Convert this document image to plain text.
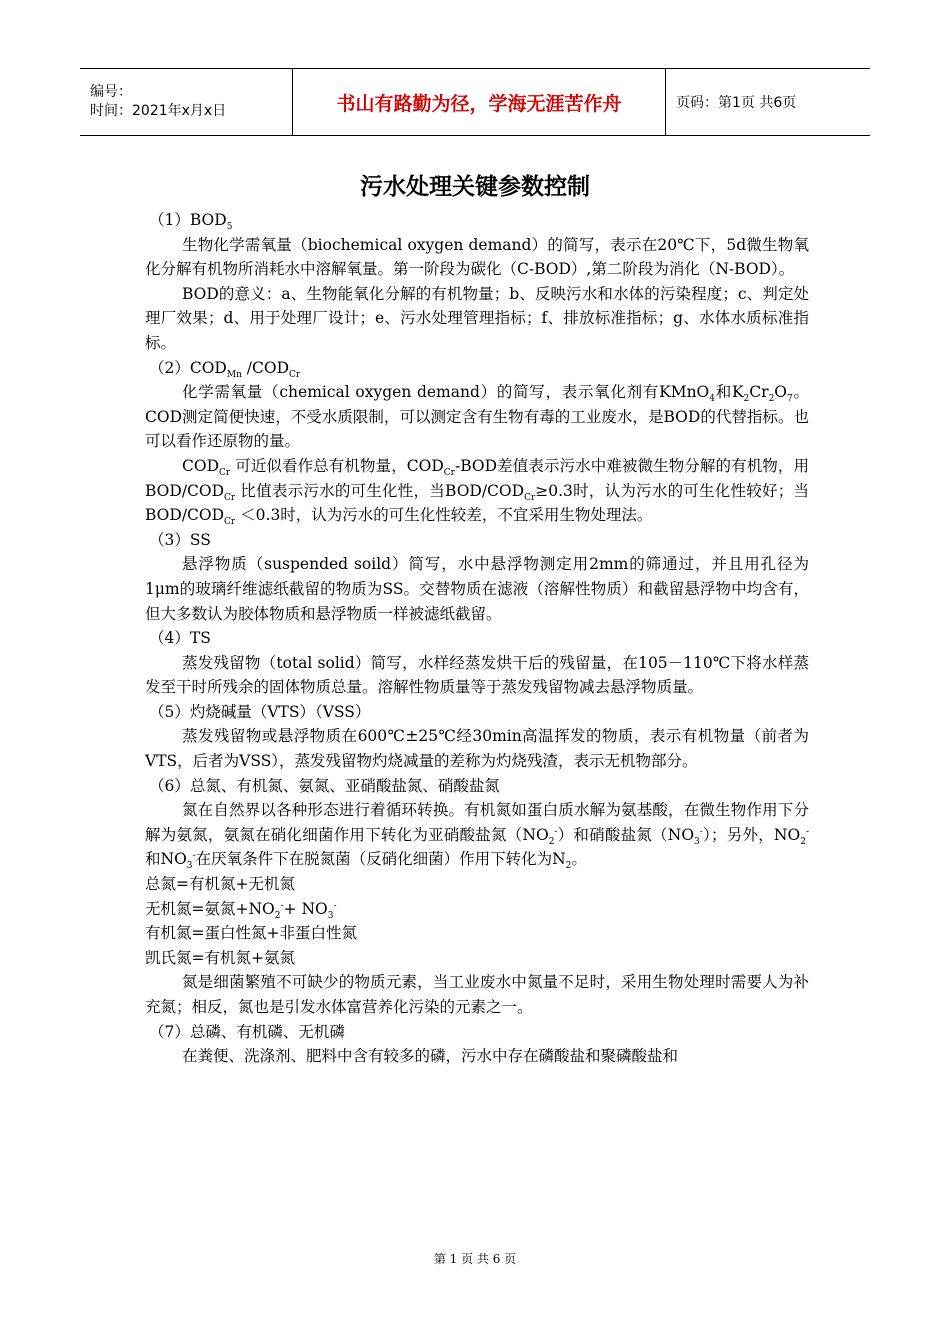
编号：
时间：2021年x月x日	书山有路勤为径，学海无涯苦作舟	页码：第1页 共6页
污水处理关键参数控制

$(1)BOD_5$

生物化学需氧量（biochemical oxygen demand）的简写，表示在20℃下，5d微生物氧化分解有机物所消耗水中溶解氧量。第一阶段为碳化（C-BOD）,第二阶段为消化（N-BOD）。

BOD的意义：a、生物能氧化分解的有机物量；b、反映污水和水体的污染程度；c、判定处理厂效果；d、用于处理厂设计；e、污水处理管理指标；f、排放标准指标；g、水体水质标准指标。

$(2)COD_{Mn}$ $/COD_{Cr}$

化学需氧量（chemical oxygen demand）的简写，表示氧化剂有KMnO$_4$和$K_2Cr_2O_7$。COD测定简便快速，不受水质限制，可以测定含有生物有毒的工业废水，是BOD的代替指标。也可以看作还原物的量。

$COD_{Cr}$ 可近似看作总有机物量，$COD_{Cr}$-BOD差值表示污水中难被微生物分解的有机物，用BOD/$COD_{Cr}$ 比值表示污水的可生化性，当BOD/$COD_{Cr}\ge 0.3$时，认为污水的可生化性较好；当BOD/$COD_{Cr} <0.3$时，认为污水的可生化性较差，不宜采用生物处理法。

（3）SS

悬浮物质（suspended soild）简写，水中悬浮物测定用2mm的筛通过，并且用孔径为1μm的玻璃纤维滤纸截留的物质为SS。交替物质在滤液（溶解性物质）和截留悬浮物中均含有，但大多数认为胶体物质和悬浮物质一样被滤纸截留。

（4）TS

蒸发残留物（total solid）简写，水样经蒸发烘干后的残留量，在105－110℃下将水样蒸发至干时所残余的固体物质总量。溶解性物质量等于蒸发残留物减去悬浮物质量。

（5）灼烧碱量（VTS）（VSS）

蒸发残留物或悬浮物质在600℃±25℃经30min高温挥发的物质，表示有机物量（前者为VTS，后者为VSS），蒸发残留物灼烧减量的差称为灼烧残渣，表示无机物部分。

（6）总氮、有机氮、氨氮、亚硝酸盐氮、硝酸盐氮

氮在自然界以各种形态进行着循环转换。有机氮如蛋白质水解为氨基酸，在微生物作用下分解为氨氮，氨氮在硝化细菌作用下转化为亚硝酸盐氮$(NO_2^-)$和硝酸盐氮$(NO_3^-)$；另外，$NO_2^-$和$NO_3^-$在厌氧条件下在脱氮菌（反硝化细菌）作用下转化为$N_2$。

总氮=有机氮+无机氮

无机氮=氨氮$+NO_2^-+ NO_3^-$

有机氮=蛋白性氮+非蛋白性氮

凯氏氮=有机氮+氨氮

氮是细菌繁殖不可缺少的物质元素，当工业废水中氮量不足时，采用生物处理时需要人为补充氮；相反，氮也是引发水体富营养化污染的元素之一。

（7）总磷、有机磷、无机磷

在粪便、洗涤剂、肥料中含有较多的磷，污水中存在磷酸盐和聚磷酸盐和

第 1 页 共 6 页
